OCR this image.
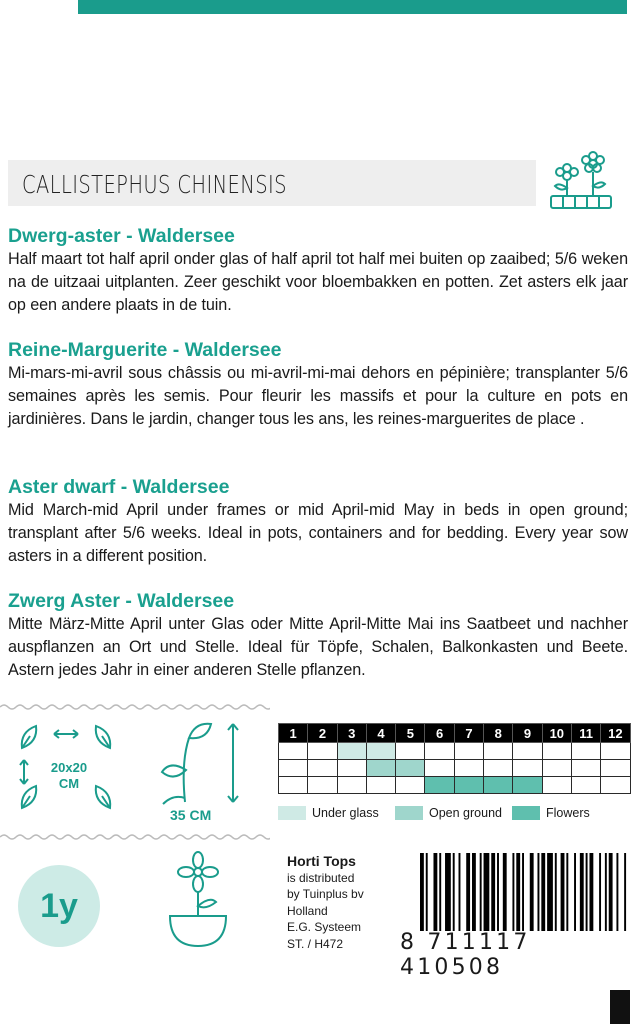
CALLISTEPHUS CHINENSIS

Dwerg-aster - Waldersee

Half maart tot half april onder glas of half april tot half mei buiten op zaaibed; 5/6 weken na de uitzaai uitplanten. Zeer geschikt voor bloembakken en potten. Zet asters elk jaar op een andere plaats in de tuin.

Reine-Marguerite - Waldersee

Mi-mars-mi-avril sous châssis ou mi-avril-mi-mai dehors en pépinière; transplanter 5/6 semaines après les semis. Pour fleurir les massifs et pour la culture en pots en jardinières. Dans le jardin, changer tous les ans, les reines-marguerites de place .

Aster dwarf - Waldersee

Mid March-mid April under frames or mid April-mid May in beds in open ground; transplant after 5/6 weeks. Ideal in pots, containers and for bedding. Every year sow asters in a different position.

Zwerg Aster - Waldersee

Mitte März-Mitte April unter Glas oder Mitte April-Mitte Mai ins Saatbeet und nachher auspflanzen an Ort und Stelle. Ideal für Töpfe, Schalen, Balkonkasten und Beete. Astern jedes Jahr in einer anderen Stelle pflanzen.

20x20
CM
35 CM
1	2	3	4	5	6	7	8	9	10	11	12

Under glass	Open ground	Flowers
1y
Horti Tops
is distributed
by Tuinplus bv
Holland
E.G. Systeem
ST. / H472	8 711117 410508
